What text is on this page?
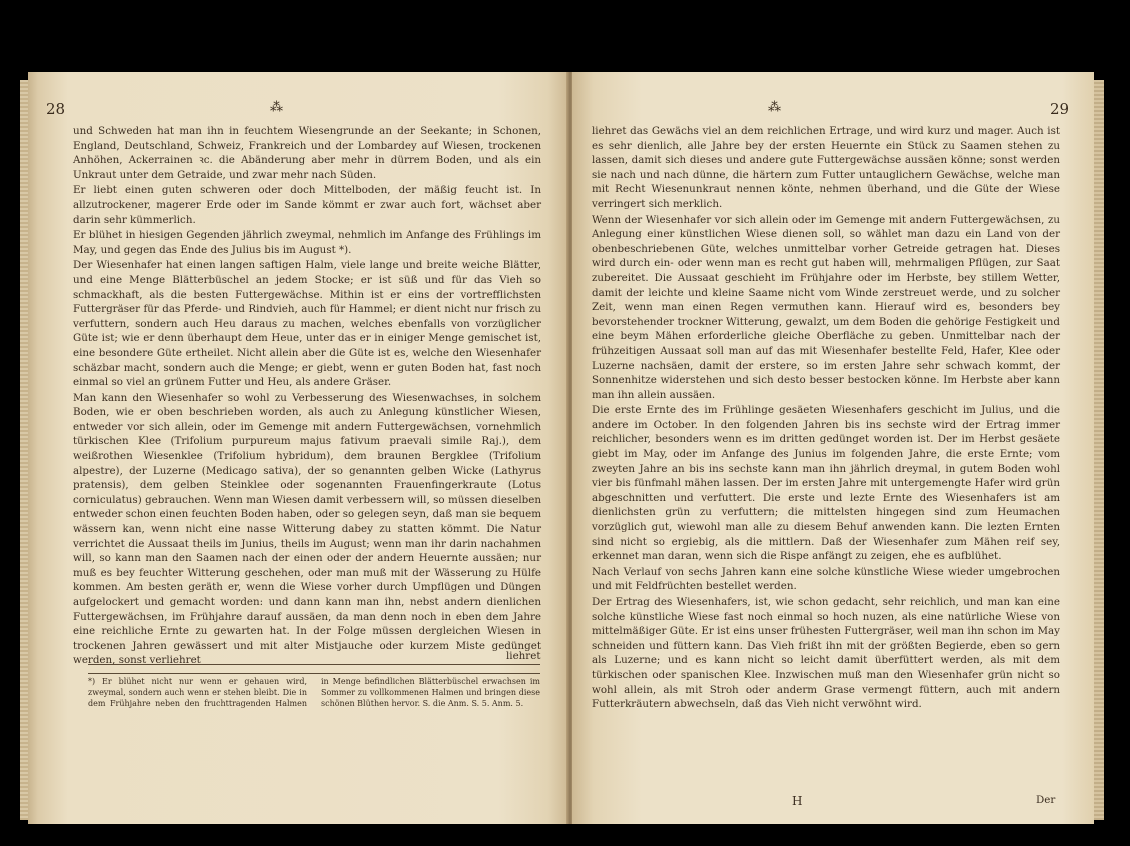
28	⁂

und Schweden hat man ihn in feuchtem Wiesengrunde an der Seekante; in Schonen, England, Deutschland, Schweiz, Frankreich und der Lombardey auf Wiesen, trockenen Anhöhen, Ackerrainen ꝛc. die Abänderung aber mehr in dürrem Boden, und als ein Unkraut unter dem Getraide, und zwar mehr nach Süden.

Er liebt einen guten schweren oder doch Mittelboden, der mäßig feucht ist. In allzutrockener, magerer Erde oder im Sande kömmt er zwar auch fort, wächset aber darin sehr kümmerlich.

Er blühet in hiesigen Gegenden jährlich zweymal, nehmlich im Anfange des Frühlings im May, und gegen das Ende des Julius bis im August *).

Der Wiesenhafer hat einen langen saftigen Halm, viele lange und breite weiche Blätter, und eine Menge Blätterbüschel an jedem Stocke; er ist süß und für das Vieh so schmackhaft, als die besten Futtergewächse. Mithin ist er eins der vortrefflichsten Futtergräser für das Pferde- und Rindvieh, auch für Hammel; er dient nicht nur frisch zu verfuttern, sondern auch Heu daraus zu machen, welches ebenfalls von vorzüglicher Güte ist; wie er denn überhaupt dem Heue, unter das er in einiger Menge gemischet ist, eine besondere Güte ertheilet. Nicht allein aber die Güte ist es, welche den Wiesenhafer schäzbar macht, sondern auch die Menge; er giebt, wenn er guten Boden hat, fast noch einmal so viel an grünem Futter und Heu, als andere Gräser.

Man kann den Wiesenhafer so wohl zu Verbesserung des Wiesenwachses, in solchem Boden, wie er oben beschrieben worden, als auch zu Anlegung künstlicher Wiesen, entweder vor sich allein, oder im Gemenge mit andern Futtergewächsen, vornehmlich türkischen Klee (Trifolium purpureum majus fativum praevali simile Raj.), dem weißrothen Wiesenklee (Trifolium hybridum), dem braunen Bergklee (Trifolium alpestre), der Luzerne (Medicago sativa), der so genannten gelben Wicke (Lathyrus pratensis), dem gelben Steinklee oder sogenannten Frauenfingerkraute (Lotus corniculatus) gebrauchen. Wenn man Wiesen damit verbessern will, so müssen dieselben entweder schon einen feuchten Boden haben, oder so gelegen seyn, daß man sie bequem wässern kan, wenn nicht eine nasse Witterung dabey zu statten kömmt. Die Natur verrichtet die Aussaat theils im Junius, theils im August; wenn man ihr darin nachahmen will, so kann man den Saamen nach der einen oder der andern Heuernte aussäen; nur muß es bey feuchter Witterung geschehen, oder man muß mit der Wässerung zu Hülfe kommen. Am besten geräth er, wenn die Wiese vorher durch Umpflügen und Düngen aufgelockert und gemacht worden: und dann kann man ihn, nebst andern dienlichen Futtergewächsen, im Frühjahre darauf aussäen, da man denn noch in eben dem Jahre eine reichliche Ernte zu gewarten hat. In der Folge müssen dergleichen Wiesen in trockenen Jahren gewässert und mit alter Mistjauche oder kurzem Miste gedünget werden, sonst verliehret	liehret
*) Er blühet nicht nur wenn er gehauen wird, zweymal, sondern auch wenn er stehen bleibt. Die in dem Frühjahre neben den fruchttragenden Halmen in Menge befindlichen Blätterbüschel erwachsen im Sommer zu vollkommenen Halmen und bringen diese schönen Blüthen hervor. S. die Anm. S. 5. Anm. 5.
⁂	29

liehret das Gewächs viel an dem reichlichen Ertrage, und wird kurz und mager. Auch ist es sehr dienlich, alle Jahre bey der ersten Heuernte ein Stück zu Saamen stehen zu lassen, damit sich dieses und andere gute Futtergewächse aussäen könne; sonst werden sie nach und nach dünne, die härtern zum Futter untauglichern Gewächse, welche man mit Recht Wiesenunkraut nennen könte, nehmen überhand, und die Güte der Wiese verringert sich merklich.

Wenn der Wiesenhafer vor sich allein oder im Gemenge mit andern Futtergewächsen, zu Anlegung einer künstlichen Wiese dienen soll, so wählet man dazu ein Land von der obenbeschriebenen Güte, welches unmittelbar vorher Getreide getragen hat. Dieses wird durch ein- oder wenn man es recht gut haben will, mehrmaligen Pflügen, zur Saat zubereitet. Die Aussaat geschieht im Frühjahre oder im Herbste, bey stillem Wetter, damit der leichte und kleine Saame nicht vom Winde zerstreuet werde, und zu solcher Zeit, wenn man einen Regen vermuthen kann. Hierauf wird es, besonders bey bevorstehender trockner Witterung, gewalzt, um dem Boden die gehörige Festigkeit und eine beym Mähen erforderliche gleiche Oberfläche zu geben. Unmittelbar nach der frühzeitigen Aussaat soll man auf das mit Wiesenhafer bestellte Feld, Hafer, Klee oder Luzerne nachsäen, damit der erstere, so im ersten Jahre sehr schwach kommt, der Sonnenhitze widerstehen und sich desto besser bestocken könne. Im Herbste aber kann man ihn allein aussäen.

Die erste Ernte des im Frühlinge gesäeten Wiesenhafers geschicht im Julius, und die andere im October. In den folgenden Jahren bis ins sechste wird der Ertrag immer reichlicher, besonders wenn es im dritten gedünget worden ist. Der im Herbst gesäete giebt im May, oder im Anfange des Junius im folgenden Jahre, die erste Ernte; vom zweyten Jahre an bis ins sechste kann man ihn jährlich dreymal, in gutem Boden wohl vier bis fünfmahl mähen lassen. Der im ersten Jahre mit untergemengte Hafer wird grün abgeschnitten und verfuttert. Die erste und lezte Ernte des Wiesenhafers ist am dienlichsten grün zu verfuttern; die mittelsten hingegen sind zum Heumachen vorzüglich gut, wiewohl man alle zu diesem Behuf anwenden kann. Die lezten Ernten sind nicht so ergiebig, als die mittlern. Daß der Wiesenhafer zum Mähen reif sey, erkennet man daran, wenn sich die Rispe anfängt zu zeigen, ehe es aufblühet.

Nach Verlauf von sechs Jahren kann eine solche künstliche Wiese wieder umgebrochen und mit Feldfrüchten bestellet werden.

Der Ertrag des Wiesenhafers, ist, wie schon gedacht, sehr reichlich, und man kan eine solche künstliche Wiese fast noch einmal so hoch nuzen, als eine natürliche Wiese von mittelmäßiger Güte. Er ist eins unser frühesten Futtergräser, weil man ihn schon im May schneiden und füttern kann. Das Vieh frißt ihn mit der größten Begierde, eben so gern als Luzerne; und es kann nicht so leicht damit überfüttert werden, als mit dem türkischen oder spanischen Klee. Inzwischen muß man den Wiesenhafer grün nicht so wohl allein, als mit Stroh oder anderm Grase vermengt füttern, auch mit andern Futterkräutern abwechseln, daß das Vieh nicht verwöhnt wird.

H	Der
